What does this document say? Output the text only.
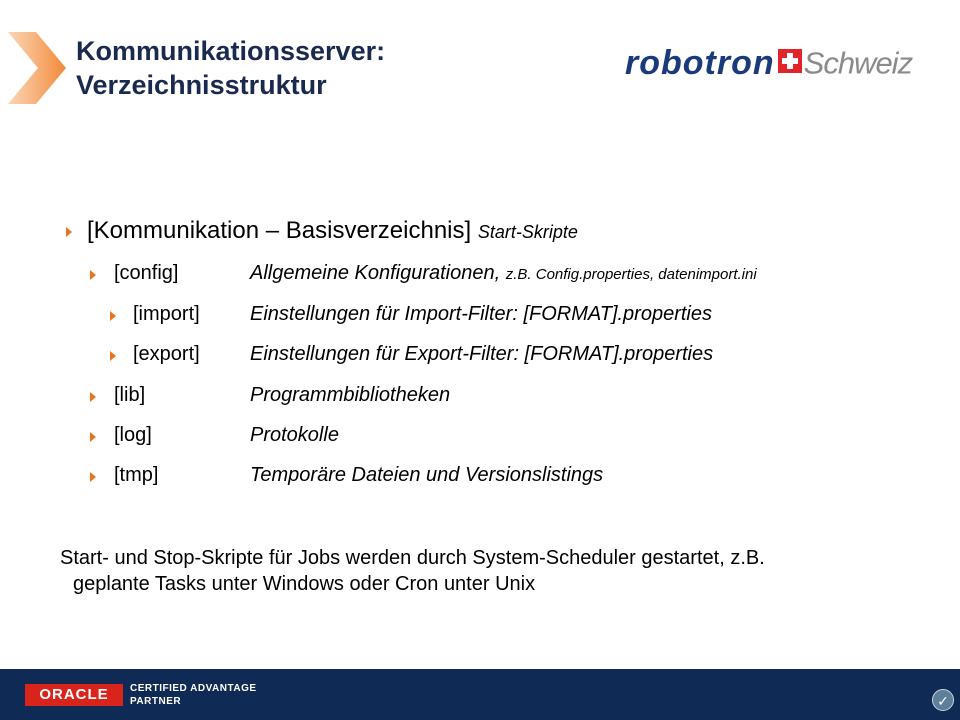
Kommunikationsserver:
Verzeichnisstruktur
robotron Schweiz
[Kommunikation – Basisverzeichnis] Start-Skripte
[config]	Allgemeine Konfigurationen, z.B. Config.properties, datenimport.ini
[import]	Einstellungen für Import-Filter: [FORMAT].properties
[export]	Einstellungen für Export-Filter: [FORMAT].properties
[lib]	Programmbibliotheken
[log]	Protokolle
[tmp]	Temporäre Dateien und Versionslistings
Start- und Stop-Skripte für Jobs werden durch System-Scheduler gestartet, z.B.
geplante Tasks unter Windows oder Cron unter Unix
ORACLE	CERTIFIED ADVANTAGE
PARTNER	✓
